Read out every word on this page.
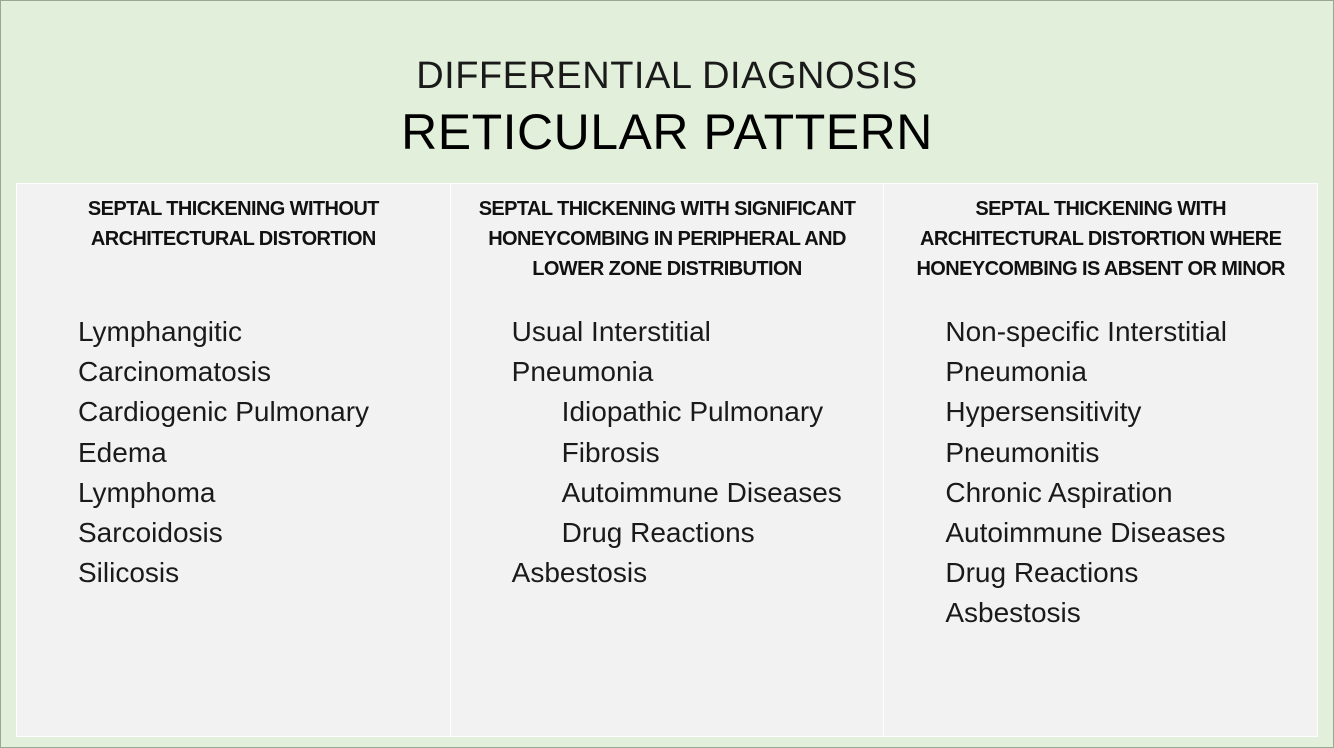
DIFFERENTIAL DIAGNOSIS
RETICULAR PATTERN
SEPTAL THICKENING WITHOUT
ARCHITECTURAL DISTORTION
Lymphangitic
Carcinomatosis
Cardiogenic Pulmonary
Edema
Lymphoma
Sarcoidosis
Silicosis
SEPTAL THICKENING WITH SIGNIFICANT
HONEYCOMBING IN PERIPHERAL AND
LOWER ZONE DISTRIBUTION
Usual Interstitial
Pneumonia
Idiopathic Pulmonary
Fibrosis
Autoimmune Diseases
Drug Reactions
Asbestosis
SEPTAL THICKENING WITH
ARCHITECTURAL DISTORTION WHERE
HONEYCOMBING IS ABSENT OR MINOR
Non-specific Interstitial
Pneumonia
Hypersensitivity
Pneumonitis
Chronic Aspiration
Autoimmune Diseases
Drug Reactions
Asbestosis
